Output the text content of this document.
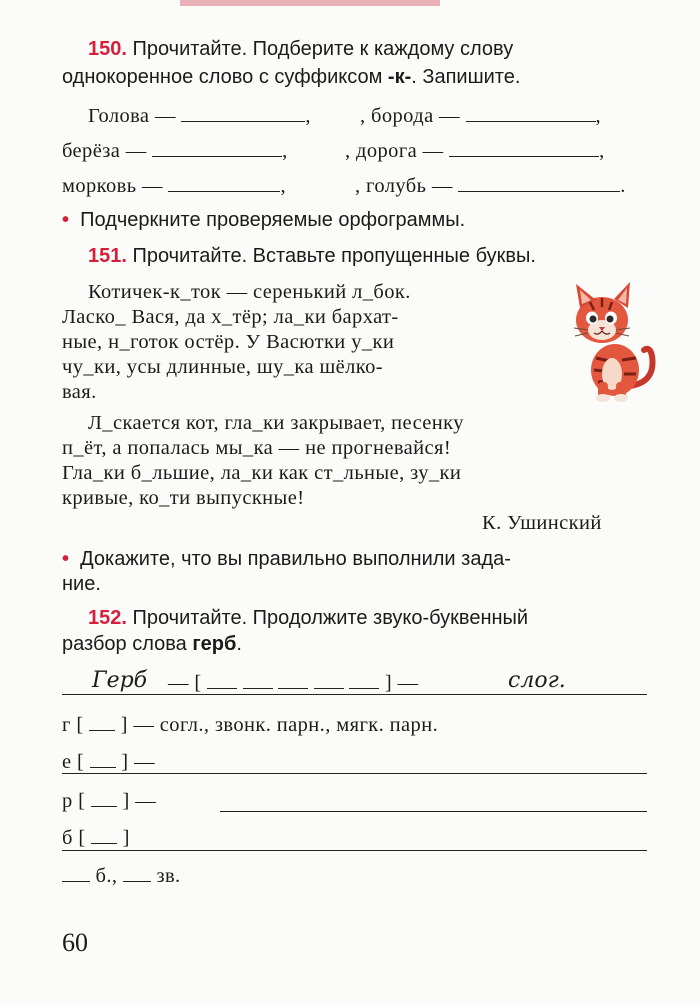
150. Прочитайте. Подберите к каждому слову
однокоренное слово с суффиксом -к-. Запишите.
Голова —	, , борода —	,
берёза —	,	, дорога —	,
морковь —	,	, голубь —	.
• Подчеркните проверяемые орфограммы.
151. Прочитайте. Вставьте пропущенные буквы.
Котичек-к_ток — серенький л_бок.
Ласко_ Вася, да х_тёр; ла_ки бархат-
ные, н_готок остёр. У Васютки у_ки
чу_ки, усы длинные, шу_ка шёлко-
вая.
Л_скается кот, гла_ки закрывает, песенку
п_ёт, а попалась мы_ка — не прогневайся!
Гла_ки б_льшие, ла_ки как ст_льные, зу_ки
кривые, ко_ти выпускные!
К. Ушинский
• Докажите, что вы правильно выполнили зада-
ние.
152. Прочитайте. Продолжите звуко-буквенный
разбор слова герб.
Герб — [	] —	слог.
г [  ] — согл., звонк. парн., мягк. парн.
е [  ] —
р [  ] —
б [  ]
б., зв.
60
